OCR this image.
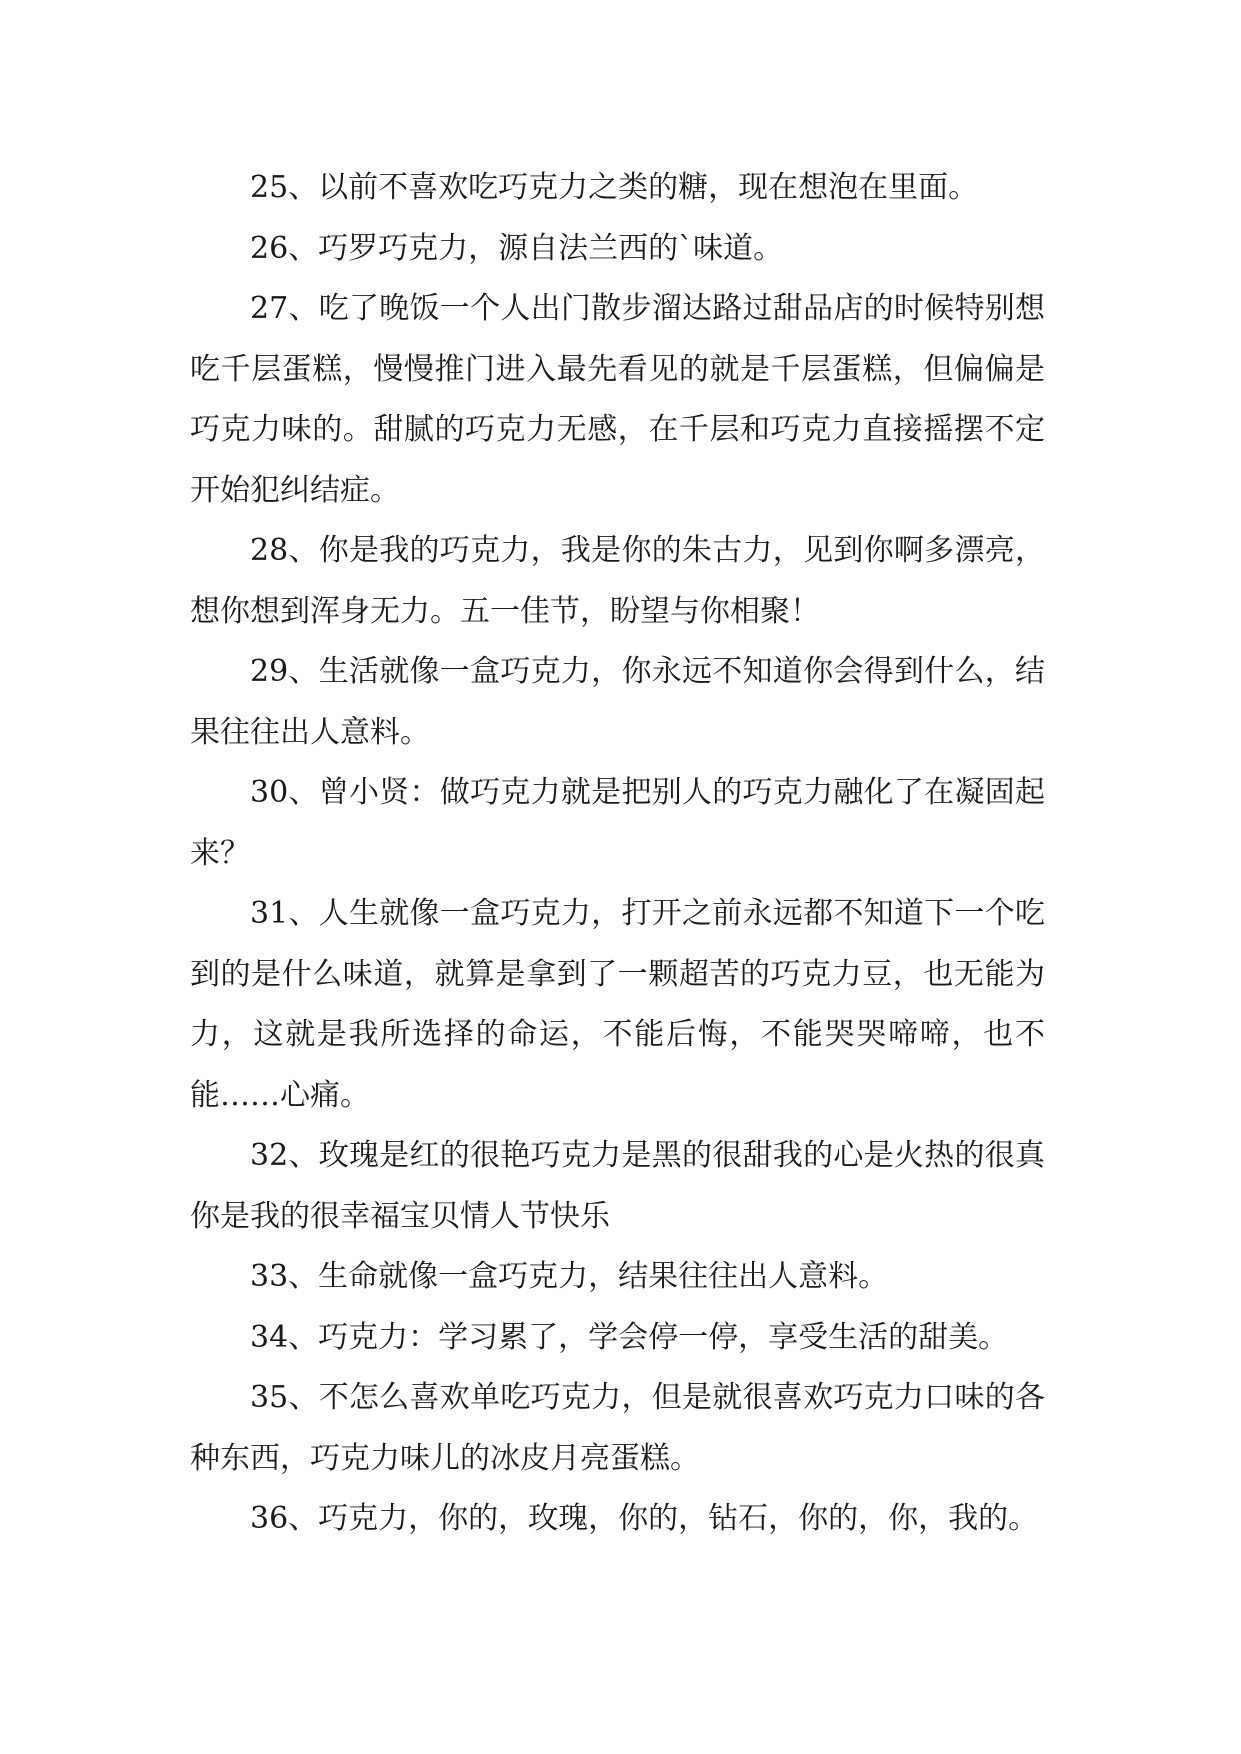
25、以前不喜欢吃巧克力之类的糖，现在想泡在里面。

26、巧罗巧克力，源自法兰西的`味道。

27、吃了晚饭一个人出门散步溜达路过甜品店的时候特别想吃千层蛋糕，慢慢推门进入最先看见的就是千层蛋糕，但偏偏是巧克力味的。甜腻的巧克力无感，在千层和巧克力直接摇摆不定开始犯纠结症。

28、你是我的巧克力，我是你的朱古力，见到你啊多漂亮，想你想到浑身无力。五一佳节，盼望与你相聚！

29、生活就像一盒巧克力，你永远不知道你会得到什么，结果往往出人意料。

30、曾小贤：做巧克力就是把别人的巧克力融化了在凝固起来？

31、人生就像一盒巧克力，打开之前永远都不知道下一个吃到的是什么味道，就算是拿到了一颗超苦的巧克力豆，也无能为力，这就是我所选择的命运，不能后悔，不能哭哭啼啼，也不能……心痛。

32、玫瑰是红的很艳巧克力是黑的很甜我的心是火热的很真你是我的很幸福宝贝情人节快乐

33、生命就像一盒巧克力，结果往往出人意料。

34、巧克力：学习累了，学会停一停，享受生活的甜美。

35、不怎么喜欢单吃巧克力，但是就很喜欢巧克力口味的各种东西，巧克力味儿的冰皮月亮蛋糕。

36、巧克力，你的，玫瑰，你的，钻石，你的，你，我的。
